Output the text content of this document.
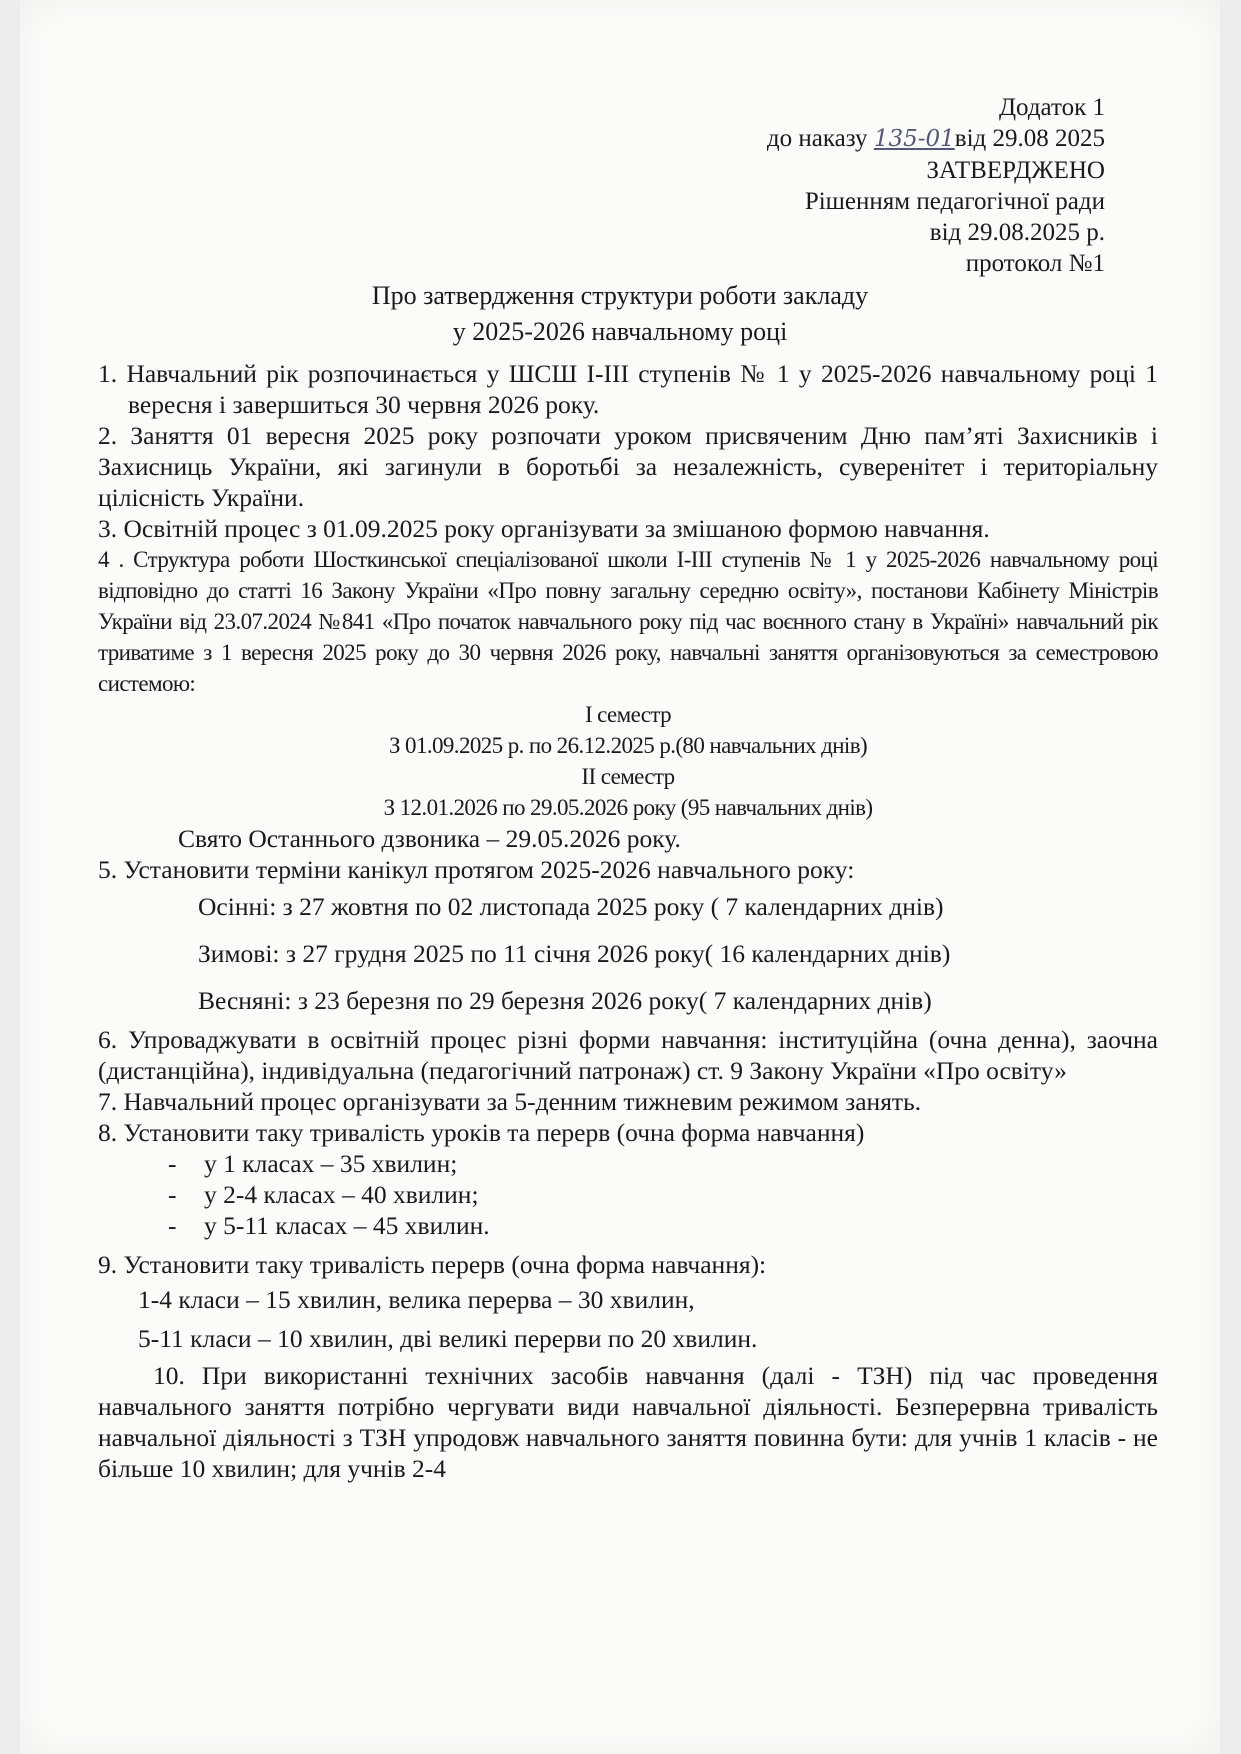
Додаток 1
до наказу 135-01від 29.08 2025
ЗАТВЕРДЖЕНО
Рішенням педагогічної ради
від 29.08.2025 р.
протокол №1
Про затвердження структури роботи закладу
у 2025-2026 навчальному році

1. Навчальний рік розпочинається у ШСШ І-ІІІ ступенів № 1 у 2025-2026 навчальному році 1 вересня і завершиться 30 червня 2026 року.

2. Заняття 01 вересня 2025 року розпочати уроком присвяченим Дню пам’яті Захисників і Захисниць України, які загинули в боротьбі за незалежність, суверенітет і територіальну цілісність України.

3. Освітній процес з 01.09.2025 року організувати за змішаною формою навчання.

4 . Структура роботи Шосткинської спеціалізованої школи І-ІІІ ступенів № 1 у 2025-2026 навчальному році відповідно до статті 16 Закону України «Про повну загальну середню освіту», постанови Кабінету Міністрів України від 23.07.2024 №841 «Про початок навчального року під час воєнного стану в Україні» навчальний рік триватиме з 1 вересня 2025 року до 30 червня 2026 року, навчальні заняття організовуються за семестровою системою:

І семестр

З 01.09.2025 р. по 26.12.2025 р.(80 навчальних днів)

ІІ семестр

З 12.01.2026 по 29.05.2026 року (95 навчальних днів)

Свято Останнього дзвоника – 29.05.2026 року.

5. Установити терміни канікул протягом 2025-2026 навчального року:

Осінні: з 27 жовтня по 02 листопада 2025 року ( 7 календарних днів)

Зимові: з 27 грудня 2025 по 11 січня 2026 року( 16 календарних днів)

Весняні: з 23 березня по 29 березня 2026 року( 7 календарних днів)

6. Упроваджувати в освітній процес різні форми навчання: інституційна (очна денна), заочна (дистанційна), індивідуальна (педагогічний патронаж) ст. 9 Закону України «Про освіту»

7. Навчальний процес організувати за 5-денним тижневим режимом занять.

8. Установити таку тривалість уроків та перерв (очна форма навчання)

- у 1 класах – 35 хвилин;

- у 2-4 класах – 40 хвилин;

- у 5-11 класах – 45 хвилин.

9. Установити таку тривалість перерв (очна форма навчання):

1-4 класи – 15 хвилин, велика перерва – 30 хвилин,

5-11 класи – 10 хвилин, дві великі перерви по 20 хвилин.

10. При використанні технічних засобів навчання (далі - ТЗН) під час проведення навчального заняття потрібно чергувати види навчальної діяльності. Безперервна тривалість навчальної діяльності з ТЗН упродовж навчального заняття повинна бути: для учнів 1 класів - не більше 10 хвилин; для учнів 2-4
